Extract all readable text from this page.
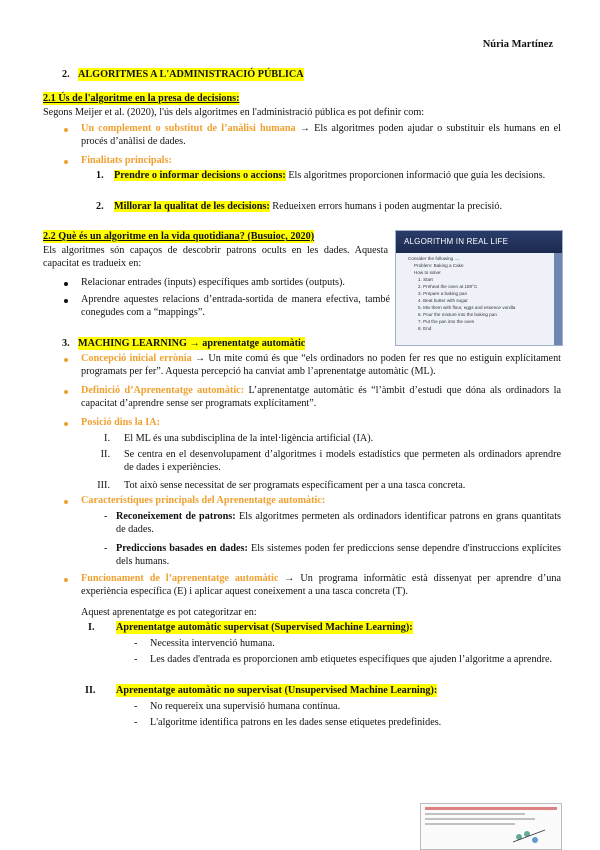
Núria Martínez
2. ALGORITMES A L'ADMINISTRACIÓ PÚBLICA
2.1 Ús de l'algoritme en la presa de decisions:
Segons Meijer et al. (2020), l'ús dels algoritmes en l'administració pública es pot definir com:

Un complement o substitut de l’anàlisi humana → Els algoritmes poden ajudar o substituir els humans en el procés d’anàlisi de dades.

Finalitats principals:
1. Prendre o informar decisions o accions: Els algoritmes proporcionen informació que guia les decisions.

2. Millorar la qualitat de les decisions: Redueixen errors humans i poden augmentar la precisió.

2.2 Què és un algoritme en la vida quotidiana? (Busuioc, 2020)

Els algoritmes són capaços de descobrir patrons ocults en les dades. Aquesta capacitat es tradueix en:

Relacionar entrades (inputs) específiques amb sortides (outputs).

Aprendre aquestes relacions d’entrada-sortida de manera efectiva, també conegudes com a “mappings”.

ALGORITHM IN REAL LIFE
Consider the following ....
Problem: Baking a Cake
How to solve:
1. Start
2. Preheat the oven at 180°C
3. Prepare a baking pan
4. Beat butter with sugar
5. Mix them with flour, eggs and essence vanilla
6. Pour the mixture into the baking pan
7. Put the pan into the oven
8. End
3. MACHING LEARNING → aprenentatge automàtic

Concepció inicial errònia → Un mite comú és que “els ordinadors no poden fer res que no estiguin explícitament programats per fer”. Aquesta percepció ha canviat amb l’aprenentatge automàtic (ML).

Definició d’Aprenentatge automàtic: L’aprenentatge automàtic és “l’àmbit d’estudi que dóna als ordinadors la capacitat d’aprendre sense ser programats explícitament”.

Posició dins la IA:
I. El ML és una subdisciplina de la intel·ligència artificial (IA).

II. Se centra en el desenvolupament d’algoritmes i models estadístics que permeten als ordinadors aprendre de dades i experiències.

III. Tot això sense necessitat de ser programats específicament per a una tasca concreta.

Característiques principals del Aprenentatge automàtic:
- Reconeixement de patrons: Els algoritmes permeten als ordinadors identificar patrons en grans quantitats de dades.

- Prediccions basades en dades: Els sistemes poden fer prediccions sense dependre d'instruccions explícites dels humans.

Funcionament de l’aprenentatge automàtic → Un programa informàtic està dissenyat per aprendre d’una experiència específica (E) i aplicar aquest coneixement a una tasca concreta (T).

Aquest aprenentatge es pot categoritzar en:
I. Aprenentatge automàtic supervisat (Supervised Machine Learning):
- Necessita intervenció humana.

- Les dades d'entrada es proporcionen amb etiquetes específiques que ajuden l’algoritme a aprendre.

II. Aprenentatge automàtic no supervisat (Unsupervised Machine Learning):
- No requereix una supervisió humana contínua.

- L'algoritme identifica patrons en les dades sense etiquetes predefinides.
